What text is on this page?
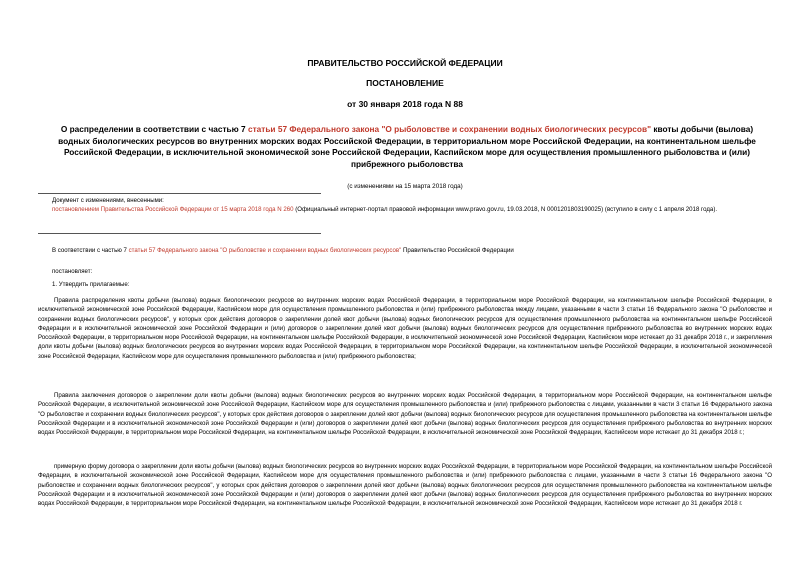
ПРАВИТЕЛЬСТВО РОССИЙСКОЙ ФЕДЕРАЦИИ
ПОСТАНОВЛЕНИЕ
от 30 января 2018 года N 88
О распределении в соответствии с частью 7 статьи 57 Федерального закона "О рыболовстве и сохранении водных биологических ресурсов" квоты добычи (вылова) водных биологических ресурсов во внутренних морских водах Российской Федерации, в территориальном море Российской Федерации, на континентальном шельфе Российской Федерации, в исключительной экономической зоне Российской Федерации, Каспийском море для осуществления промышленного рыболовства и (или) прибрежного рыболовства
(с изменениями на 15 марта 2018 года)
Документ с изменениями, внесенными:
постановлением Правительства Российской Федерации от 15 марта 2018 года N 260 (Официальный интернет-портал правовой информации www.pravo.gov.ru, 19.03.2018, N 0001201803190025) (вступило в силу с 1 апреля 2018 года).
В соответствии с частью 7 статьи 57 Федерального закона "О рыболовстве и сохранении водных биологических ресурсов" Правительство Российской Федерации
постановляет:
1. Утвердить прилагаемые:

Правила распределения квоты добычи (вылова) водных биологических ресурсов во внутренних морских водах Российской Федерации, в территориальном море Российской Федерации, на континентальном шельфе Российской Федерации, в исключительной экономической зоне Российской Федерации, Каспийском море для осуществления промышленного рыболовства и (или) прибрежного рыболовства между лицами, указанными в части 3 статьи 16 Федерального закона "О рыболовстве и сохранении водных биологических ресурсов", у которых срок действия договоров о закреплении долей квот добычи (вылова) водных биологических ресурсов для осуществления промышленного рыболовства на континентальном шельфе Российской Федерации и в исключительной экономической зоне Российской Федерации и (или) договоров о закреплении долей квот добычи (вылова) водных биологических ресурсов для осуществления прибрежного рыболовства во внутренних морских водах Российской Федерации, в территориальном море Российской Федерации, на континентальном шельфе Российской Федерации, в исключительной экономической зоне Российской Федерации, Каспийском море истекает до 31 декабря 2018 г., и закрепления доли квоты добычи (вылова) водных биологических ресурсов во внутренних морских водах Российской Федерации, в территориальном море Российской Федерации, на континентальном шельфе Российской Федерации, в исключительной экономической зоне Российской Федерации, Каспийском море для осуществления промышленного рыболовства и (или) прибрежного рыболовства;

Правила заключения договоров о закреплении доли квоты добычи (вылова) водных биологических ресурсов во внутренних морских водах Российской Федерации, в территориальном море Российской Федерации, на континентальном шельфе Российской Федерации, в исключительной экономической зоне Российской Федерации, Каспийском море для осуществления промышленного рыболовства и (или) прибрежного рыболовства с лицами, указанными в части 3 статьи 16 Федерального закона "О рыболовстве и сохранении водных биологических ресурсов", у которых срок действия договоров о закреплении долей квот добычи (вылова) водных биологических ресурсов для осуществления промышленного рыболовства на континентальном шельфе Российской Федерации и в исключительной экономической зоне Российской Федерации и (или) договоров о закреплении долей квот добычи (вылова) водных биологических ресурсов для осуществления прибрежного рыболовства во внутренних морских водах Российской Федерации, в территориальном море Российской Федерации, на континентальном шельфе Российской Федерации, в исключительной экономической зоне Российской Федерации, Каспийском море истекает до 31 декабря 2018 г.;

примерную форму договора о закреплении доли квоты добычи (вылова) водных биологических ресурсов во внутренних морских водах Российской Федерации, в территориальном море Российской Федерации, на континентальном шельфе Российской Федерации, в исключительной экономической зоне Российской Федерации, Каспийском море для осуществления промышленного рыболовства и (или) прибрежного рыболовства с лицами, указанными в части 3 статьи 16 Федерального закона "О рыболовстве и сохранении водных биологических ресурсов", у которых срок действия договоров о закреплении долей квот добычи (вылова) водных биологических ресурсов для осуществления промышленного рыболовства на континентальном шельфе Российской Федерации и в исключительной экономической зоне Российской Федерации и (или) договоров о закреплении долей квот добычи (вылова) водных биологических ресурсов для осуществления прибрежного рыболовства во внутренних морских водах Российской Федерации, в территориальном море Российской Федерации, на континентальном шельфе Российской Федерации, в исключительной экономической зоне Российской Федерации, Каспийском море истекает до 31 декабря 2018 г.
